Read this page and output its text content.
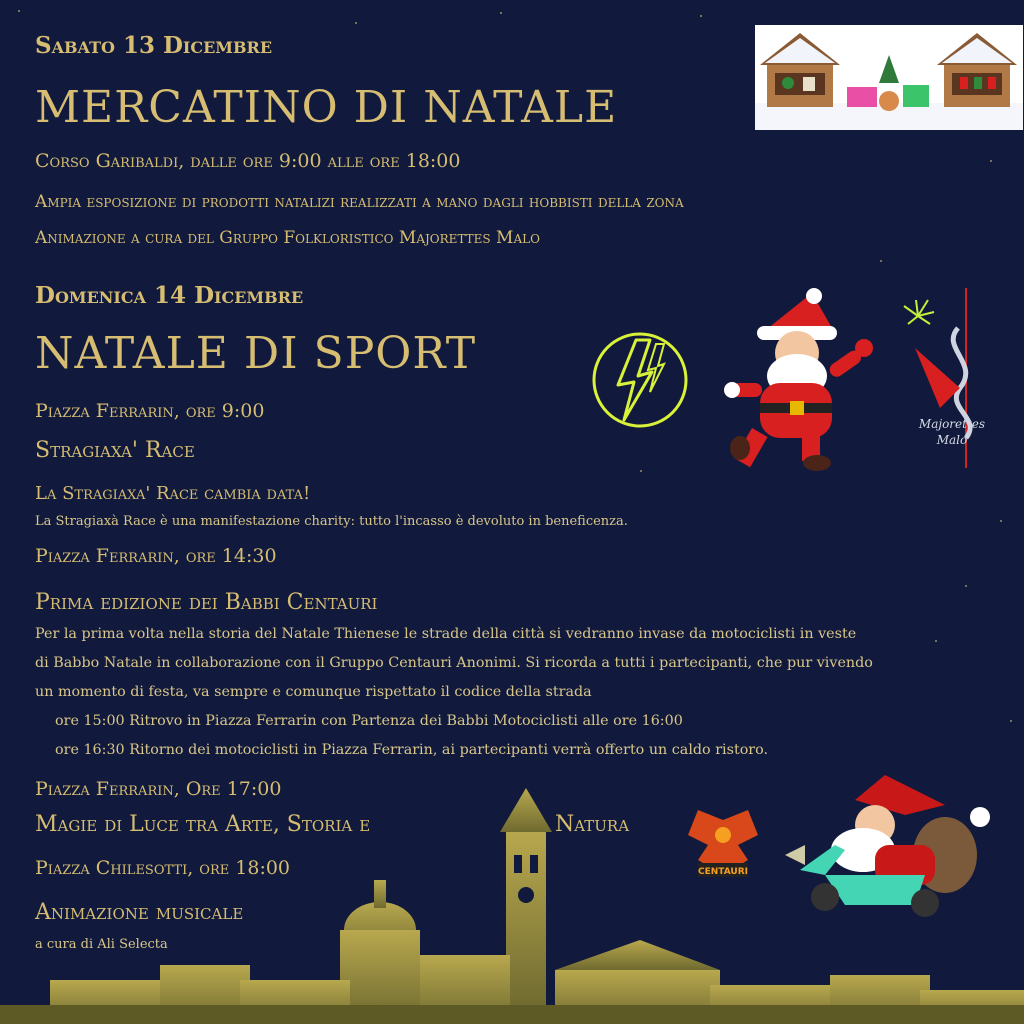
Sabato 13 Dicembre
MERCATINO DI NATALE
Corso Garibaldi, dalle ore 9:00 alle ore 18:00
Ampia esposizione di prodotti natalizi realizzati a mano dagli hobbisti della zona
Animazione a cura del Gruppo Folkloristico Majorettes Malo
Domenica 14 Dicembre
NATALE DI SPORT
Piazza Ferrarin, ore 9:00
Stragiaxa' Race
La Stragiaxa' Race cambia data!
La Stragiaxà Race è una manifestazione charity: tutto l'incasso è devoluto in beneficenza.
Piazza Ferrarin, ore 14:30
Prima edizione dei Babbi Centauri
Per la prima volta nella storia del Natale Thienese le strade della città si vedranno invase da motociclisti in veste
di Babbo Natale in collaborazione con il Gruppo Centauri Anonimi. Si ricorda a tutti i partecipanti, che pur vivendo
un momento di festa, va sempre e comunque rispettato il codice della strada
ore 15:00 Ritrovo in Piazza Ferrarin con Partenza dei Babbi Motociclisti alle ore 16:00
ore 16:30 Ritorno dei motociclisti in Piazza Ferrarin, ai partecipanti verrà offerto un caldo ristoro.
Piazza Ferrarin, Ore 17:00
Magie di Luce tra Arte, Storia e	Natura
Piazza Chilesotti, ore 18:00
Animazione musicale
a cura di Ali Selecta
Majorettes
Malo
CENTAURI
